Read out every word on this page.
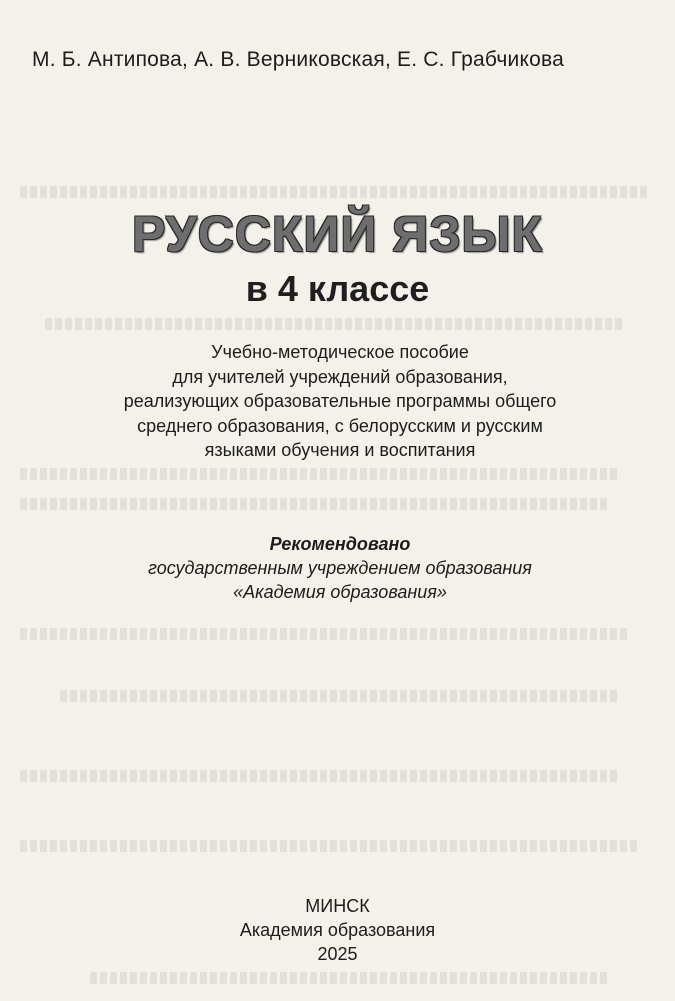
М. Б. Антипова, А. В. Верниковская, Е. С. Грабчикова
РУССКИЙ ЯЗЫК
в 4 классе
Учебно-методическое пособие
для учителей учреждений образования,
реализующих образовательные программы общего
среднего образования, с белорусским и русским
языками обучения и воспитания
Рекомендовано
государственным учреждением образования
«Академия образования»
МИНСК
Академия образования
2025
